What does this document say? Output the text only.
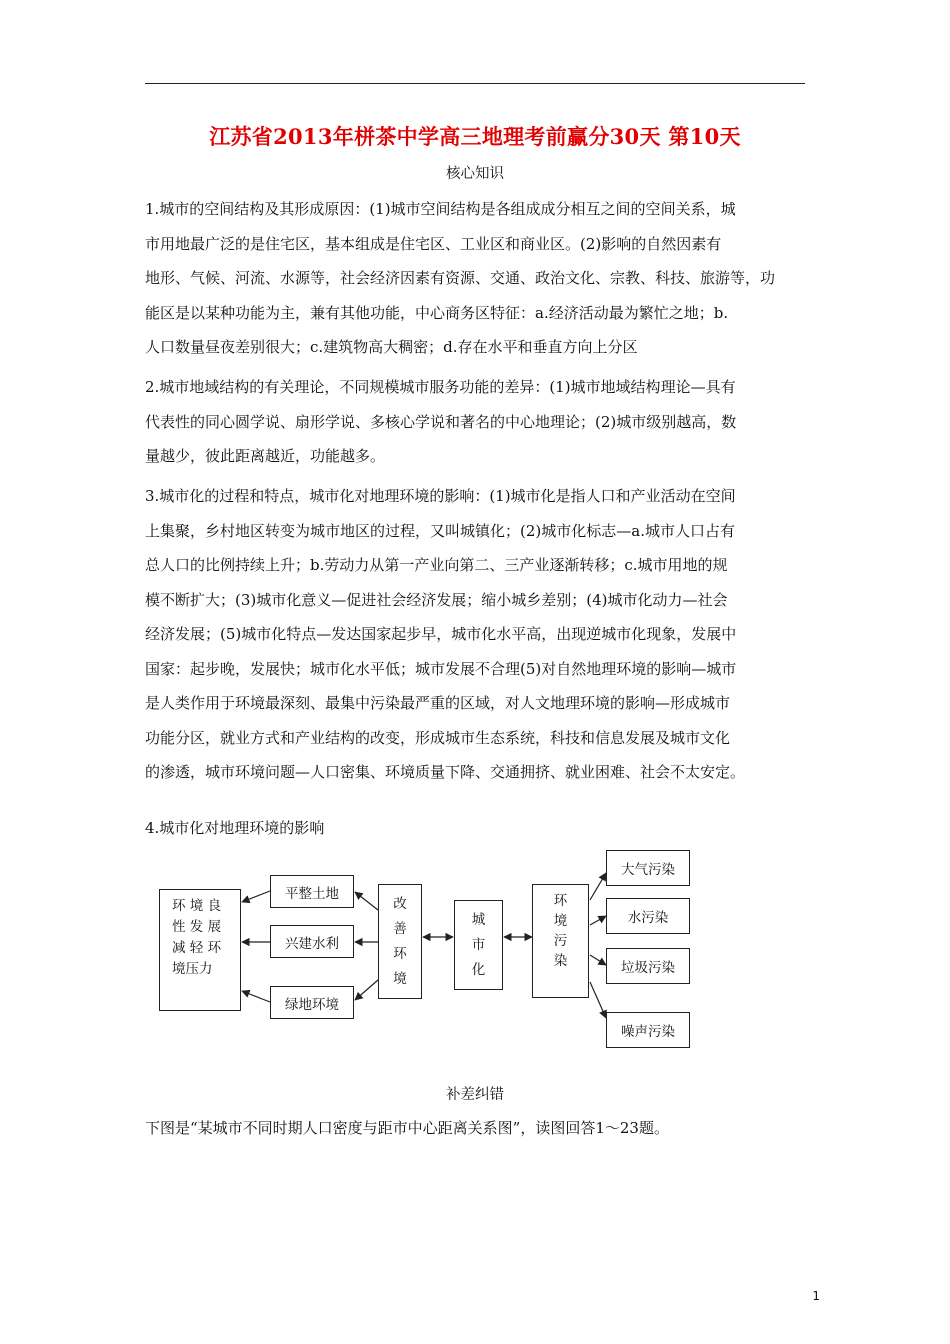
江苏省2013年栟茶中学高三地理考前赢分30天 第10天
核心知识
1.城市的空间结构及其形成原因：(1)城市空间结构是各组成成分相互之间的空间关系，城
市用地最广泛的是住宅区，基本组成是住宅区、工业区和商业区。(2)影响的自然因素有
地形、气候、河流、水源等，社会经济因素有资源、交通、政治文化、宗教、科技、旅游等，功
能区是以某种功能为主，兼有其他功能，中心商务区特征：a.经济活动最为繁忙之地；b.
人口数量昼夜差别很大；c.建筑物高大稠密；d.存在水平和垂直方向上分区
2.城市地域结构的有关理论，不同规模城市服务功能的差异：(1)城市地域结构理论—具有
代表性的同心圆学说、扇形学说、多核心学说和著名的中心地理论；(2)城市级别越高，数
量越少，彼此距离越近，功能越多。
3.城市化的过程和特点，城市化对地理环境的影响：(1)城市化是指人口和产业活动在空间
上集聚，乡村地区转变为城市地区的过程，又叫城镇化；(2)城市化标志—a.城市人口占有
总人口的比例持续上升；b.劳动力从第一产业向第二、三产业逐渐转移；c.城市用地的规
模不断扩大；(3)城市化意义—促进社会经济发展；缩小城乡差别；(4)城市化动力—社会
经济发展；(5)城市化特点—发达国家起步早，城市化水平高，出现逆城市化现象，发展中
国家：起步晚，发展快；城市化水平低；城市发展不合理(5)对自然地理环境的影响—城市
是人类作用于环境最深刻、最集中污染最严重的区域，对人文地理环境的影响—形成城市
功能分区，就业方式和产业结构的改变，形成城市生态系统，科技和信息发展及城市文化
的渗透，城市环境问题—人口密集、环境质量下降、交通拥挤、就业困难、社会不太安定。
4.城市化对地理环境的影响
环 境 良
性 发 展
减 轻 环
境压力
平整土地
兴建水利
绿地环境
改
善
环
境
城
市
化
环
境
污
染
大气污染
水污染
垃圾污染
噪声污染
补差纠错
下图是“某城市不同时期人口密度与距市中心距离关系图”，读图回答1～23题。
1
